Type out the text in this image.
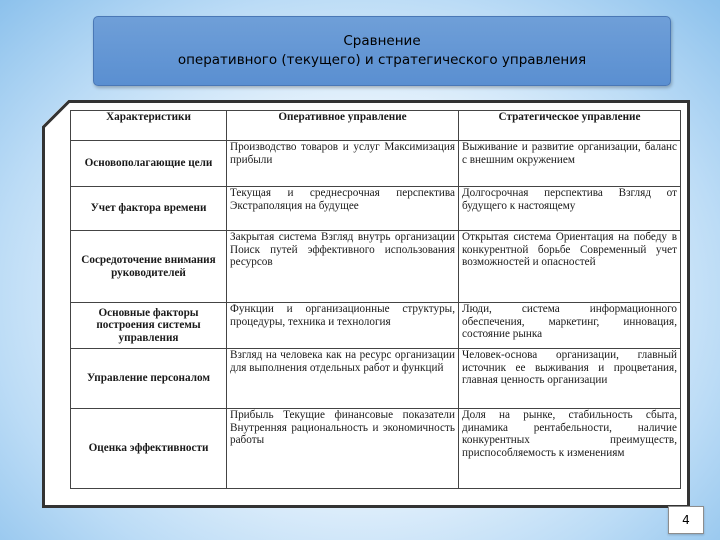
Сравнение
оперативного (текущего) и стратегического управления
Характеристики	Оперативное управление	Стратегическое управление
Основополагающие цели	Производство товаров и услуг Максимизация прибыли	Выживание и развитие организации, баланс с внешним окружением
Учет фактора времени	Текущая и среднесрочная перспектива Экстраполяция на будущее	Долгосрочная перспектива Взгляд от будущего к настоящему
Сосредоточение внимания руководителей	Закрытая система Взгляд внутрь организации Поиск путей эффективного использования ресурсов	Открытая система Ориентация на победу в конкурентной борьбе Современный учет возможностей и опасностей
Основные факторы построения системы управления	Функции и организационные структуры, процедуры, техника и технология	Люди, система информационного обеспечения, маркетинг, инновация, состояние рынка
Управление персоналом	Взгляд на человека как на ресурс организации для выполнения отдельных работ и функций	Человек-основа организации, главный источник ее выживания и процветания, главная ценность организации
Оценка эффективности	Прибыль Текущие финансовые показатели Внутренняя рациональность и экономичность работы	Доля на рынке, стабильность сбыта, динамика рентабельности, наличие конкурентных преимуществ, приспособляемость к изменениям
4
